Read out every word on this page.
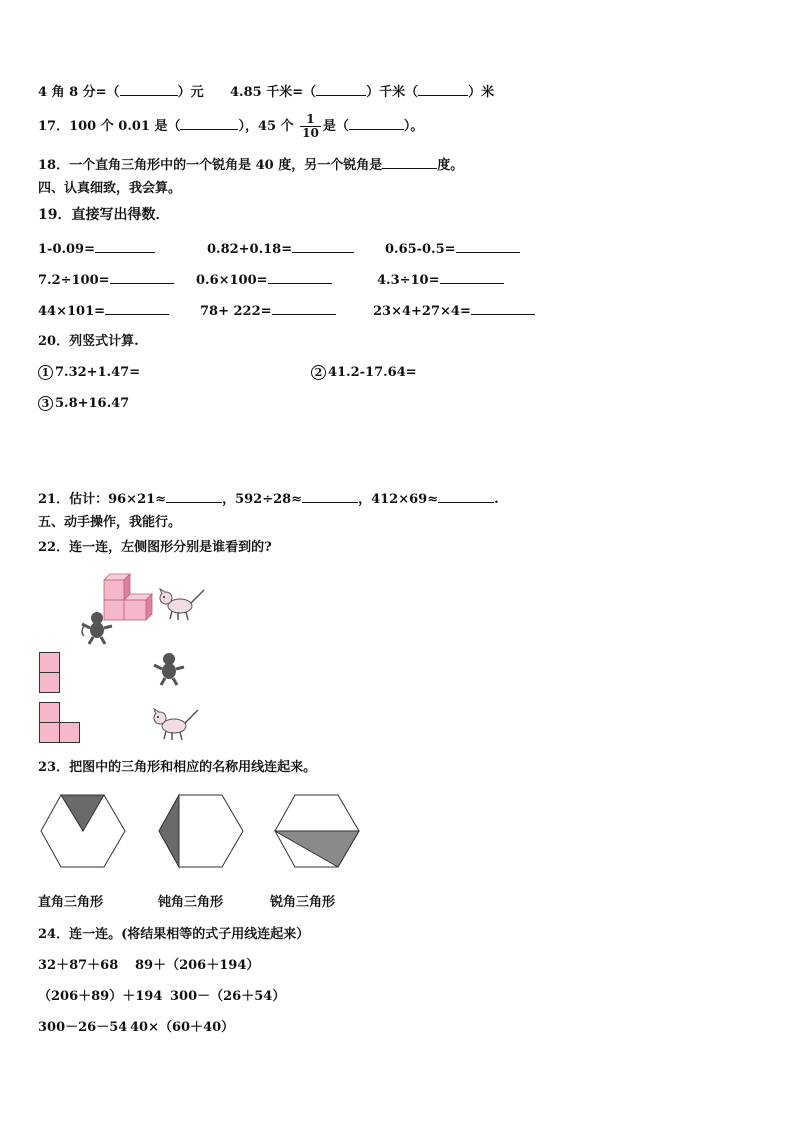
4 角 8 分=（	）元 4.85 千米=（	）千米（	）米
17．100 个 0.01 是（	），45 个 $\frac{1}{10}$ 是（	）。
18．一个直角三角形中的一个锐角是 40 度，另一个锐角是	度。
四、认真细致，我会算。
19．直接写出得数．
1-0.09=	0.82+0.18=	0.65-0.5=
7.2÷100=	0.6×100=	4.3÷10=
44×101=	78+ 222=	23×4+27×4=
20．列竖式计算.
1 7.32+1.47=	2 41.2-17.64=
3 5.8+16.47
21．估计：96×21≈	，592÷28≈	，412×69≈	.
五、动手操作，我能行。
22．连一连，左侧图形分别是谁看到的?
23．把图中的三角形和相应的名称用线连起来。
直角三角形	钝角三角形	锐角三角形
24．连一连。(将结果相等的式子用线连起来）
32＋87＋68 89＋（206＋194）
（206＋89）＋194 300－（26＋54）
300－26－54 40×（60＋40）
